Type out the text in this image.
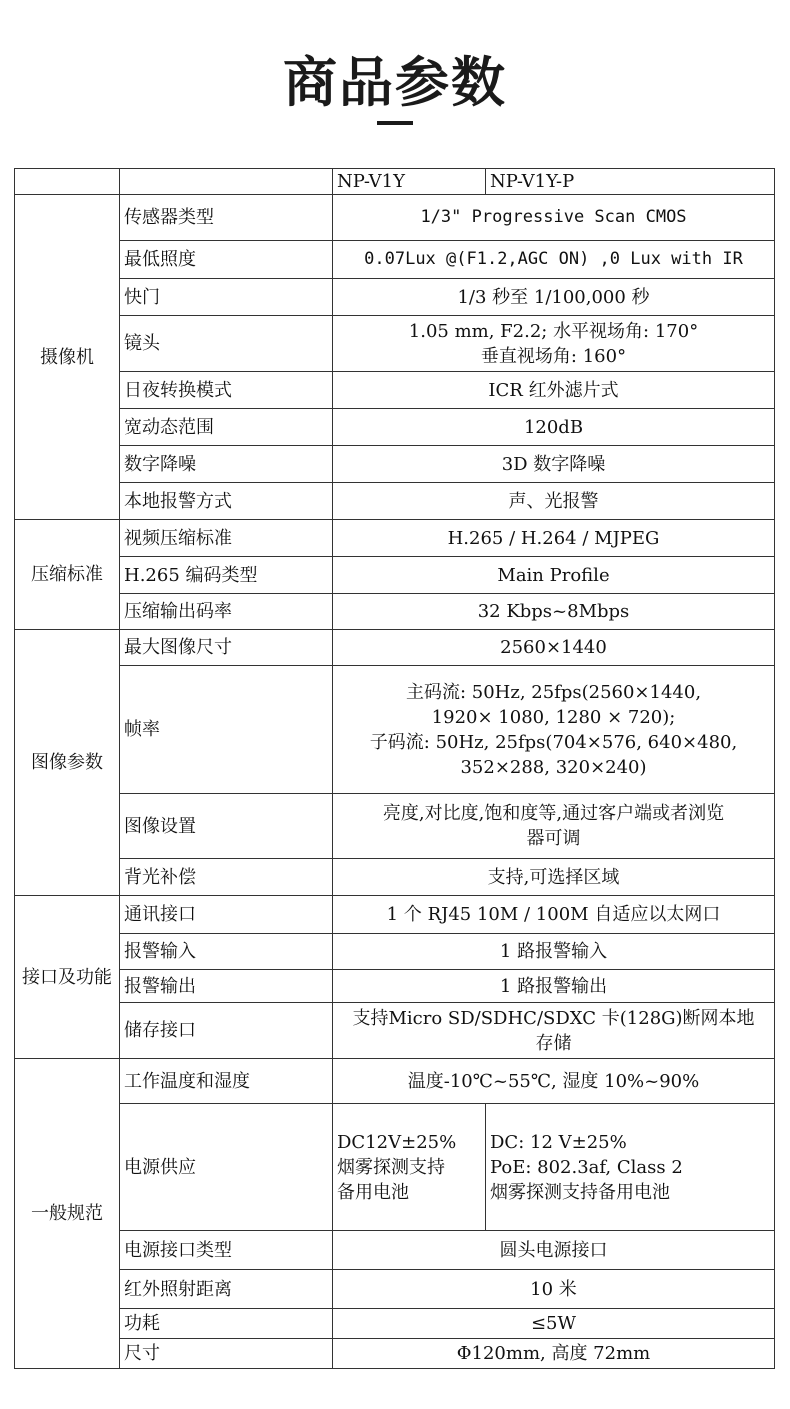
商品参数
		NP-V1Y	NP-V1Y-P
摄像机	传感器类型	1/3" Progressive Scan CMOS	
	最低照度	0.07Lux @(F1.2,AGC ON) ,0 Lux with IR	
	快门	1/3 秒至 1/100,000 秒	
	镜头	1.05 mm, F2.2; 水平视场角: 170°
垂直视场角: 160°	

	日夜转换模式	ICR 红外滤片式	
	宽动态范围	120dB	
	数字降噪	3D 数字降噪	
	本地报警方式	声、光报警	
压缩标准	视频压缩标准	H.265 / H.264 / MJPEG	
	H.265 编码类型	Main Profile	
	压缩输出码率	32 Kbps~8Mbps	
图像参数	最大图像尺寸	2560×1440	
	帧率	主码流: 50Hz, 25fps(2560×1440,
1920× 1080, 1280 × 720);
子码流: 50Hz, 25fps(704×576, 640×480,
352×288, 320×240)	

	图像设置	亮度,对比度,饱和度等,通过客户端或者浏览
器可调	

	背光补偿	支持,可选择区域	
接口及功能	通讯接口	1 个 RJ45 10M / 100M 自适应以太网口	
	报警输入	1 路报警输入	
	报警输出	1 路报警输出	
	储存接口	支持Micro SD/SDHC/SDXC 卡(128G)断网本地
存储	

一般规范	工作温度和湿度	温度-10℃~55℃, 湿度 10%~90%	
	电源供应	DC12V±25%
烟雾探测支持
备用电池	DC: 12 V±25%
PoE: 802.3af, Class 2
烟雾探测支持备用电池

	电源接口类型	圆头电源接口	
	红外照射距离	10 米	
	功耗	≤5W	
	尺寸	Φ120mm, 高度 72mm	
